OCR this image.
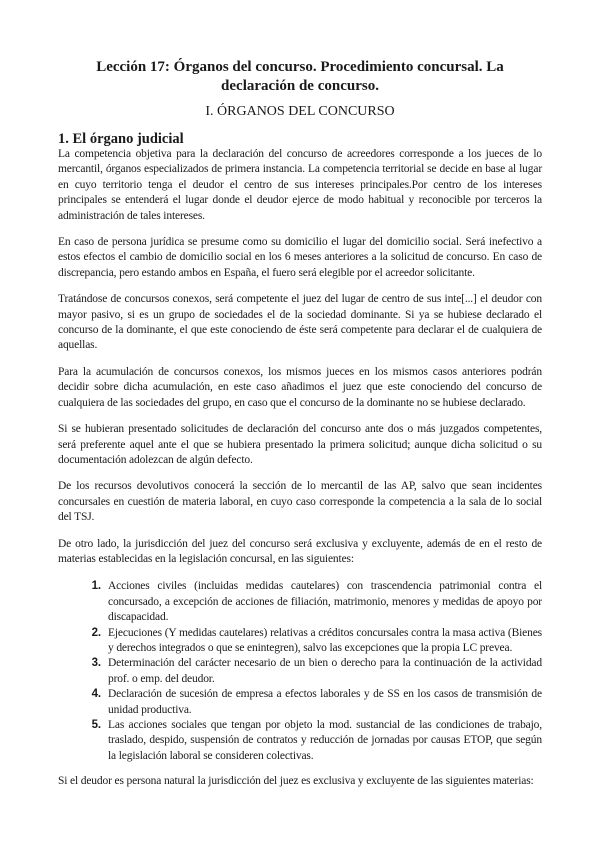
Lección 17: Órganos del concurso. Procedimiento concursal. La declaración de concurso.
I. ÓRGANOS DEL CONCURSO
1. El órgano judicial

La competencia objetiva para la declaración del concurso de acreedores corresponde a los jueces de lo mercantil, órganos especializados de primera instancia. La competencia territorial se decide en base al lugar en cuyo territorio tenga el deudor el centro de sus intereses principales.Por centro de los intereses principales se entenderá el lugar donde el deudor ejerce de modo habitual y reconocible por terceros la administración de tales intereses.

En caso de persona jurídica se presume como su domicilio el lugar del domicilio social. Será inefectivo a estos efectos el cambio de domicilio social en los 6 meses anteriores a la solicitud de concurso. En caso de discrepancia, pero estando ambos en España, el fuero será elegible por el acreedor solicitante.

Tratándose de concursos conexos, será competente el juez del lugar de centro de sus inte[...] el deudor con mayor pasivo, si es un grupo de sociedades el de la sociedad dominante. Si ya se hubiese declarado el concurso de la dominante, el que este conociendo de éste será competente para declarar el de cualquiera de aquellas.

Para la acumulación de concursos conexos, los mismos jueces en los mismos casos anteriores podrán decidir sobre dicha acumulación, en este caso añadimos el juez que este conociendo del concurso de cualquiera de las sociedades del grupo, en caso que el concurso de la dominante no se hubiese declarado.

Si se hubieran presentado solicitudes de declaración del concurso ante dos o más juzgados competentes, será preferente aquel ante el que se hubiera presentado la primera solicitud; aunque dicha solicitud o su documentación adolezcan de algún defecto.

De los recursos devolutivos conocerá la sección de lo mercantil de las AP, salvo que sean incidentes concursales en cuestión de materia laboral, en cuyo caso corresponde la competencia a la sala de lo social del TSJ.

De otro lado, la jurisdicción del juez del concurso será exclusiva y excluyente, además de en el resto de materias establecidas en la legislación concursal, en las siguientes:

1. Acciones civiles (incluidas medidas cautelares) con trascendencia patrimonial contra el concursado, a excepción de acciones de filiación, matrimonio, menores y medidas de apoyo por discapacidad.
2. Ejecuciones (Y medidas cautelares) relativas a créditos concursales contra la masa activa (Bienes y derechos integrados o que se enintegren), salvo las excepciones que la propia LC prevea.
3. Determinación del carácter necesario de un bien o derecho para la continuación de la actividad prof. o emp. del deudor.
4. Declaración de sucesión de empresa a efectos laborales y de SS en los casos de transmisión de unidad productiva.
5. Las acciones sociales que tengan por objeto la mod. sustancial de las condiciones de trabajo, traslado, despido, suspensión de contratos y reducción de jornadas por causas ETOP, que según la legislación laboral se consideren colectivas.

Si el deudor es persona natural la jurisdicción del juez es exclusiva y excluyente de las siguientes materias:
